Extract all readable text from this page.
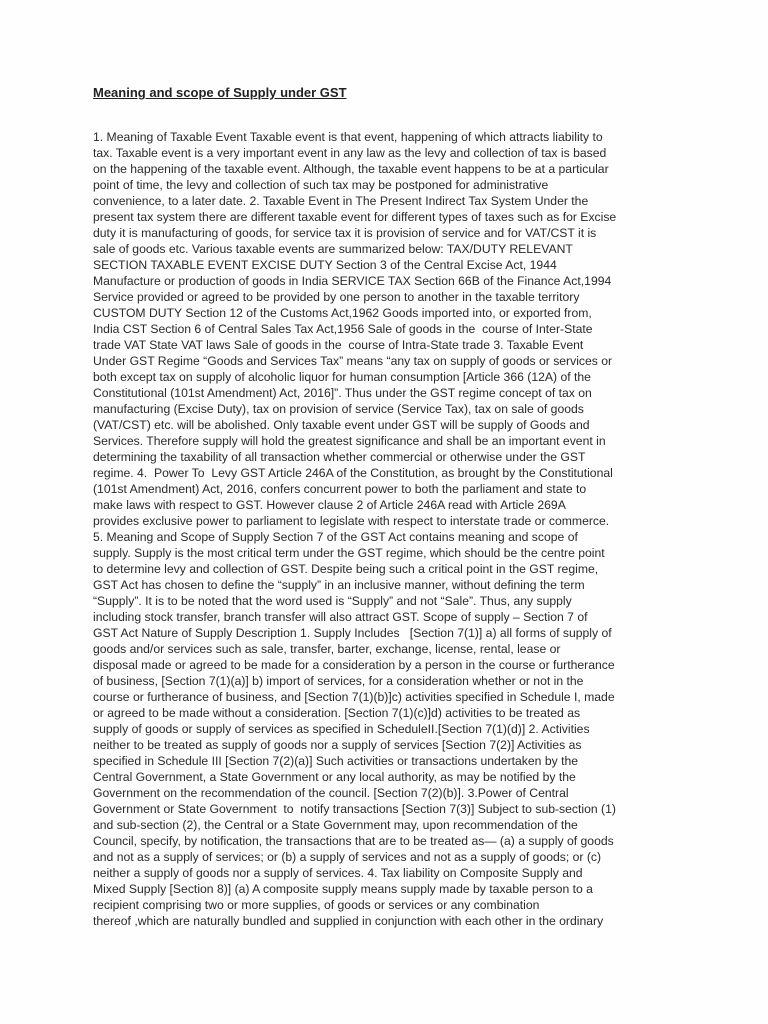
Meaning and scope of Supply under GST
1. Meaning of Taxable Event Taxable event is that event, happening of which attracts liability to
tax. Taxable event is a very important event in any law as the levy and collection of tax is based
on the happening of the taxable event. Although, the taxable event happens to be at a particular
point of time, the levy and collection of such tax may be postponed for administrative
convenience, to a later date. 2. Taxable Event in The Present Indirect Tax System Under the
present tax system there are different taxable event for different types of taxes such as for Excise
duty it is manufacturing of goods, for service tax it is provision of service and for VAT/CST it is
sale of goods etc. Various taxable events are summarized below: TAX/DUTY RELEVANT
SECTION TAXABLE EVENT EXCISE DUTY Section 3 of the Central Excise Act, 1944
Manufacture or production of goods in India SERVICE TAX Section 66B of the Finance Act,1994
Service provided or agreed to be provided by one person to another in the taxable territory
CUSTOM DUTY Section 12 of the Customs Act,1962 Goods imported into, or exported from,
India CST Section 6 of Central Sales Tax Act,1956 Sale of goods in the  course of Inter-State
trade VAT State VAT laws Sale of goods in the  course of Intra-State trade 3. Taxable Event
Under GST Regime “Goods and Services Tax” means “any tax on supply of goods or services or
both except tax on supply of alcoholic liquor for human consumption [Article 366 (12A) of the
Constitutional (101st Amendment) Act, 2016]”. Thus under the GST regime concept of tax on
manufacturing (Excise Duty), tax on provision of service (Service Tax), tax on sale of goods
(VAT/CST) etc. will be abolished. Only taxable event under GST will be supply of Goods and
Services. Therefore supply will hold the greatest significance and shall be an important event in
determining the taxability of all transaction whether commercial or otherwise under the GST
regime. 4.  Power To  Levy GST Article 246A of the Constitution, as brought by the Constitutional
(101st Amendment) Act, 2016, confers concurrent power to both the parliament and state to
make laws with respect to GST. However clause 2 of Article 246A read with Article 269A
provides exclusive power to parliament to legislate with respect to interstate trade or commerce.
5. Meaning and Scope of Supply Section 7 of the GST Act contains meaning and scope of
supply. Supply is the most critical term under the GST regime, which should be the centre point
to determine levy and collection of GST. Despite being such a critical point in the GST regime,
GST Act has chosen to define the “supply” in an inclusive manner, without defining the term
“Supply”. It is to be noted that the word used is “Supply” and not “Sale”. Thus, any supply
including stock transfer, branch transfer will also attract GST. Scope of supply – Section 7 of
GST Act Nature of Supply Description 1. Supply Includes   [Section 7(1)] a) all forms of supply of
goods and/or services such as sale, transfer, barter, exchange, license, rental, lease or
disposal made or agreed to be made for a consideration by a person in the course or furtherance
of business, [Section 7(1)(a)] b) import of services, for a consideration whether or not in the
course or furtherance of business, and [Section 7(1)(b)]c) activities specified in Schedule I, made
or agreed to be made without a consideration. [Section 7(1)(c)]d) activities to be treated as
supply of goods or supply of services as specified in ScheduleII.[Section 7(1)(d)] 2. Activities
neither to be treated as supply of goods nor a supply of services [Section 7(2)] Activities as
specified in Schedule III [Section 7(2)(a)] Such activities or transactions undertaken by the
Central Government, a State Government or any local authority, as may be notified by the
Government on the recommendation of the council. [Section 7(2)(b)]. 3.Power of Central
Government or State Government  to  notify transactions [Section 7(3)] Subject to sub-section (1)
and sub-section (2), the Central or a State Government may, upon recommendation of the
Council, specify, by notification, the transactions that are to be treated as— (a) a supply of goods
and not as a supply of services; or (b) a supply of services and not as a supply of goods; or (c)
neither a supply of goods nor a supply of services. 4. Tax liability on Composite Supply and
Mixed Supply [Section 8)] (a) A composite supply means supply made by taxable person to a
recipient comprising two or more supplies, of goods or services or any combination
thereof ,which are naturally bundled and supplied in conjunction with each other in the ordinary
